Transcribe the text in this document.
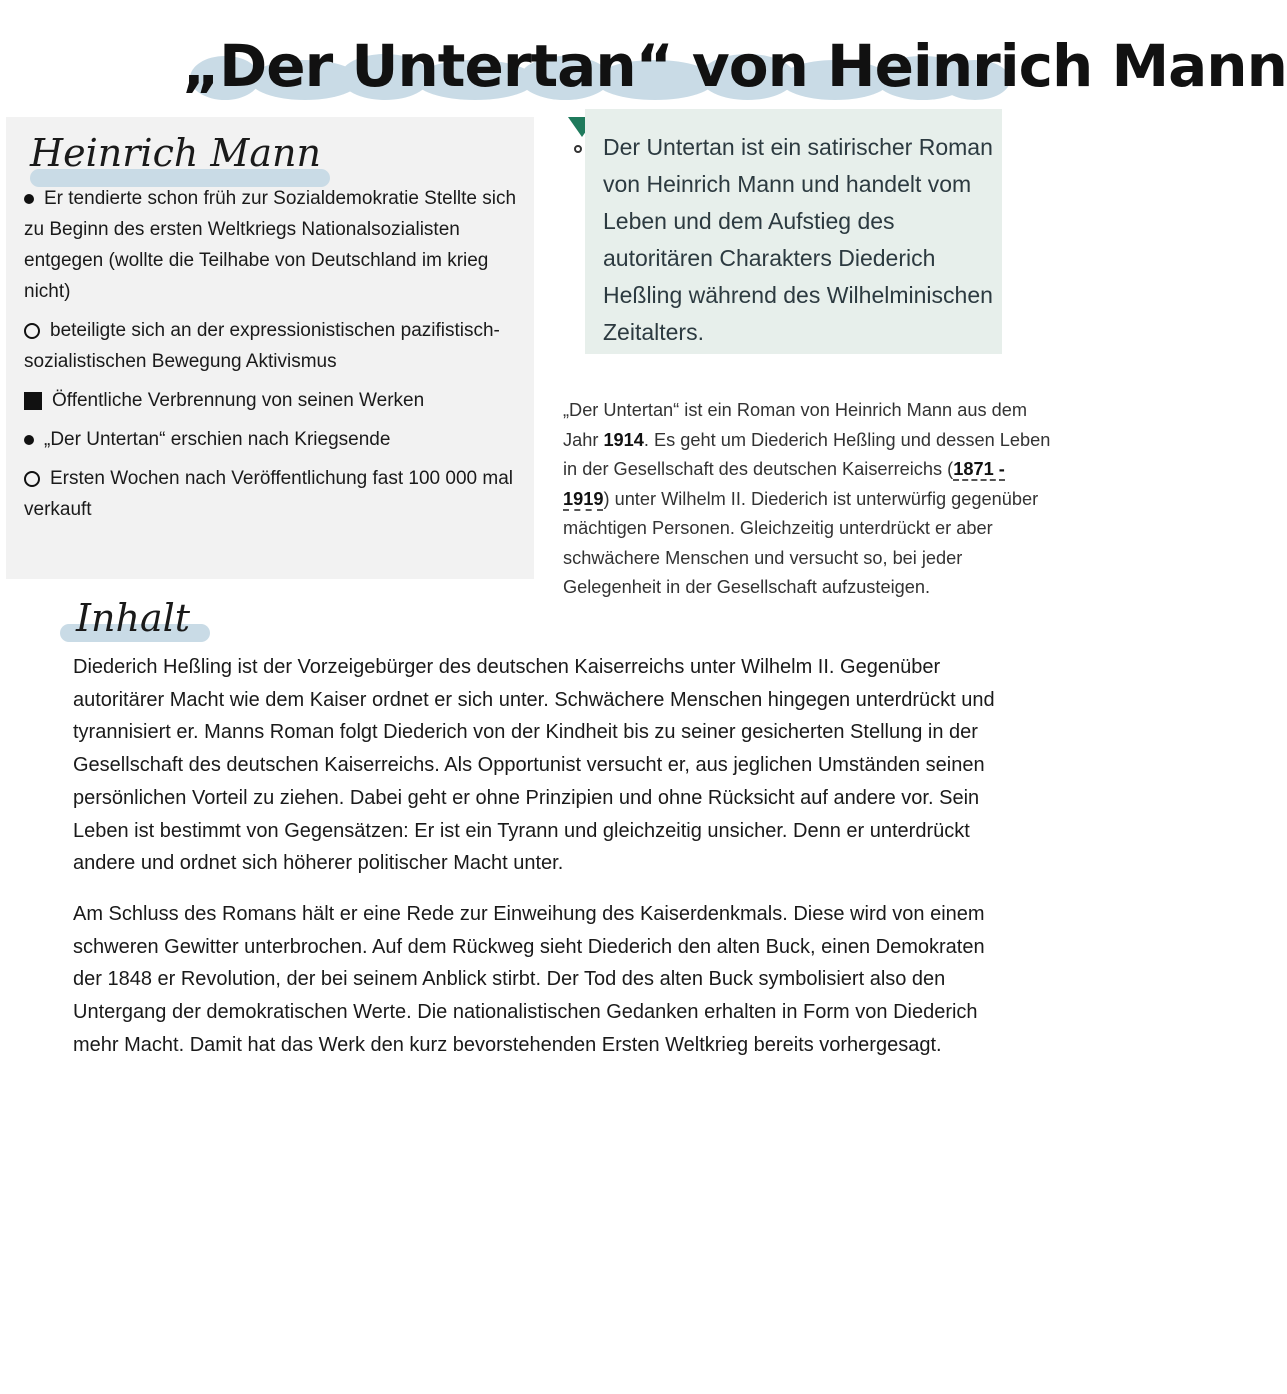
„Der Untertan“ von Heinrich Mann
Heinrich Mann
Er tendierte schon früh zur Sozialdemokratie Stellte sich zu Beginn des ersten Weltkriegs Nationalsozialisten entgegen (wollte die Teilhabe von Deutschland im krieg nicht)
beteiligte sich an der expressionistischen pazifistisch-sozialistischen Bewegung Aktivismus
Öffentliche Verbrennung von seinen Werken
„Der Untertan“ erschien nach Kriegsende
Ersten Wochen nach Veröffentlichung fast 100 000 mal verkauft

Der Untertan ist ein satirischer Roman von Heinrich Mann und handelt vom Leben und dem Aufstieg des autoritären Charakters Diederich Heßling während des Wilhelminischen Zeitalters.

„Der Untertan“ ist ein Roman von Heinrich Mann aus dem Jahr 1914. Es geht um Diederich Heßling und dessen Leben in der Gesellschaft des deutschen Kaiserreichs (1871 - 1919) unter Wilhelm II. Diederich ist unterwürfig gegenüber mächtigen Personen. Gleichzeitig unterdrückt er aber schwächere Menschen und versucht so, bei jeder Gelegenheit in der Gesellschaft aufzusteigen.

Inhalt

Diederich Heßling ist der Vorzeigebürger des deutschen Kaiserreichs unter Wilhelm II. Gegenüber autoritärer Macht wie dem Kaiser ordnet er sich unter. Schwächere Menschen hingegen unterdrückt und tyrannisiert er. Manns Roman folgt Diederich von der Kindheit bis zu seiner gesicherten Stellung in der Gesellschaft des deutschen Kaiserreichs. Als Opportunist versucht er, aus jeglichen Umständen seinen persönlichen Vorteil zu ziehen. Dabei geht er ohne Prinzipien und ohne Rücksicht auf andere vor. Sein Leben ist bestimmt von Gegensätzen: Er ist ein Tyrann und gleichzeitig unsicher. Denn er unterdrückt andere und ordnet sich höherer politischer Macht unter.

Am Schluss des Romans hält er eine Rede zur Einweihung des Kaiserdenkmals. Diese wird von einem schweren Gewitter unterbrochen. Auf dem Rückweg sieht Diederich den alten Buck, einen Demokraten der 1848 er Revolution, der bei seinem Anblick stirbt. Der Tod des alten Buck symbolisiert also den Untergang der demokratischen Werte. Die nationalistischen Gedanken erhalten in Form von Diederich mehr Macht. Damit hat das Werk den kurz bevorstehenden Ersten Weltkrieg bereits vorhergesagt.
